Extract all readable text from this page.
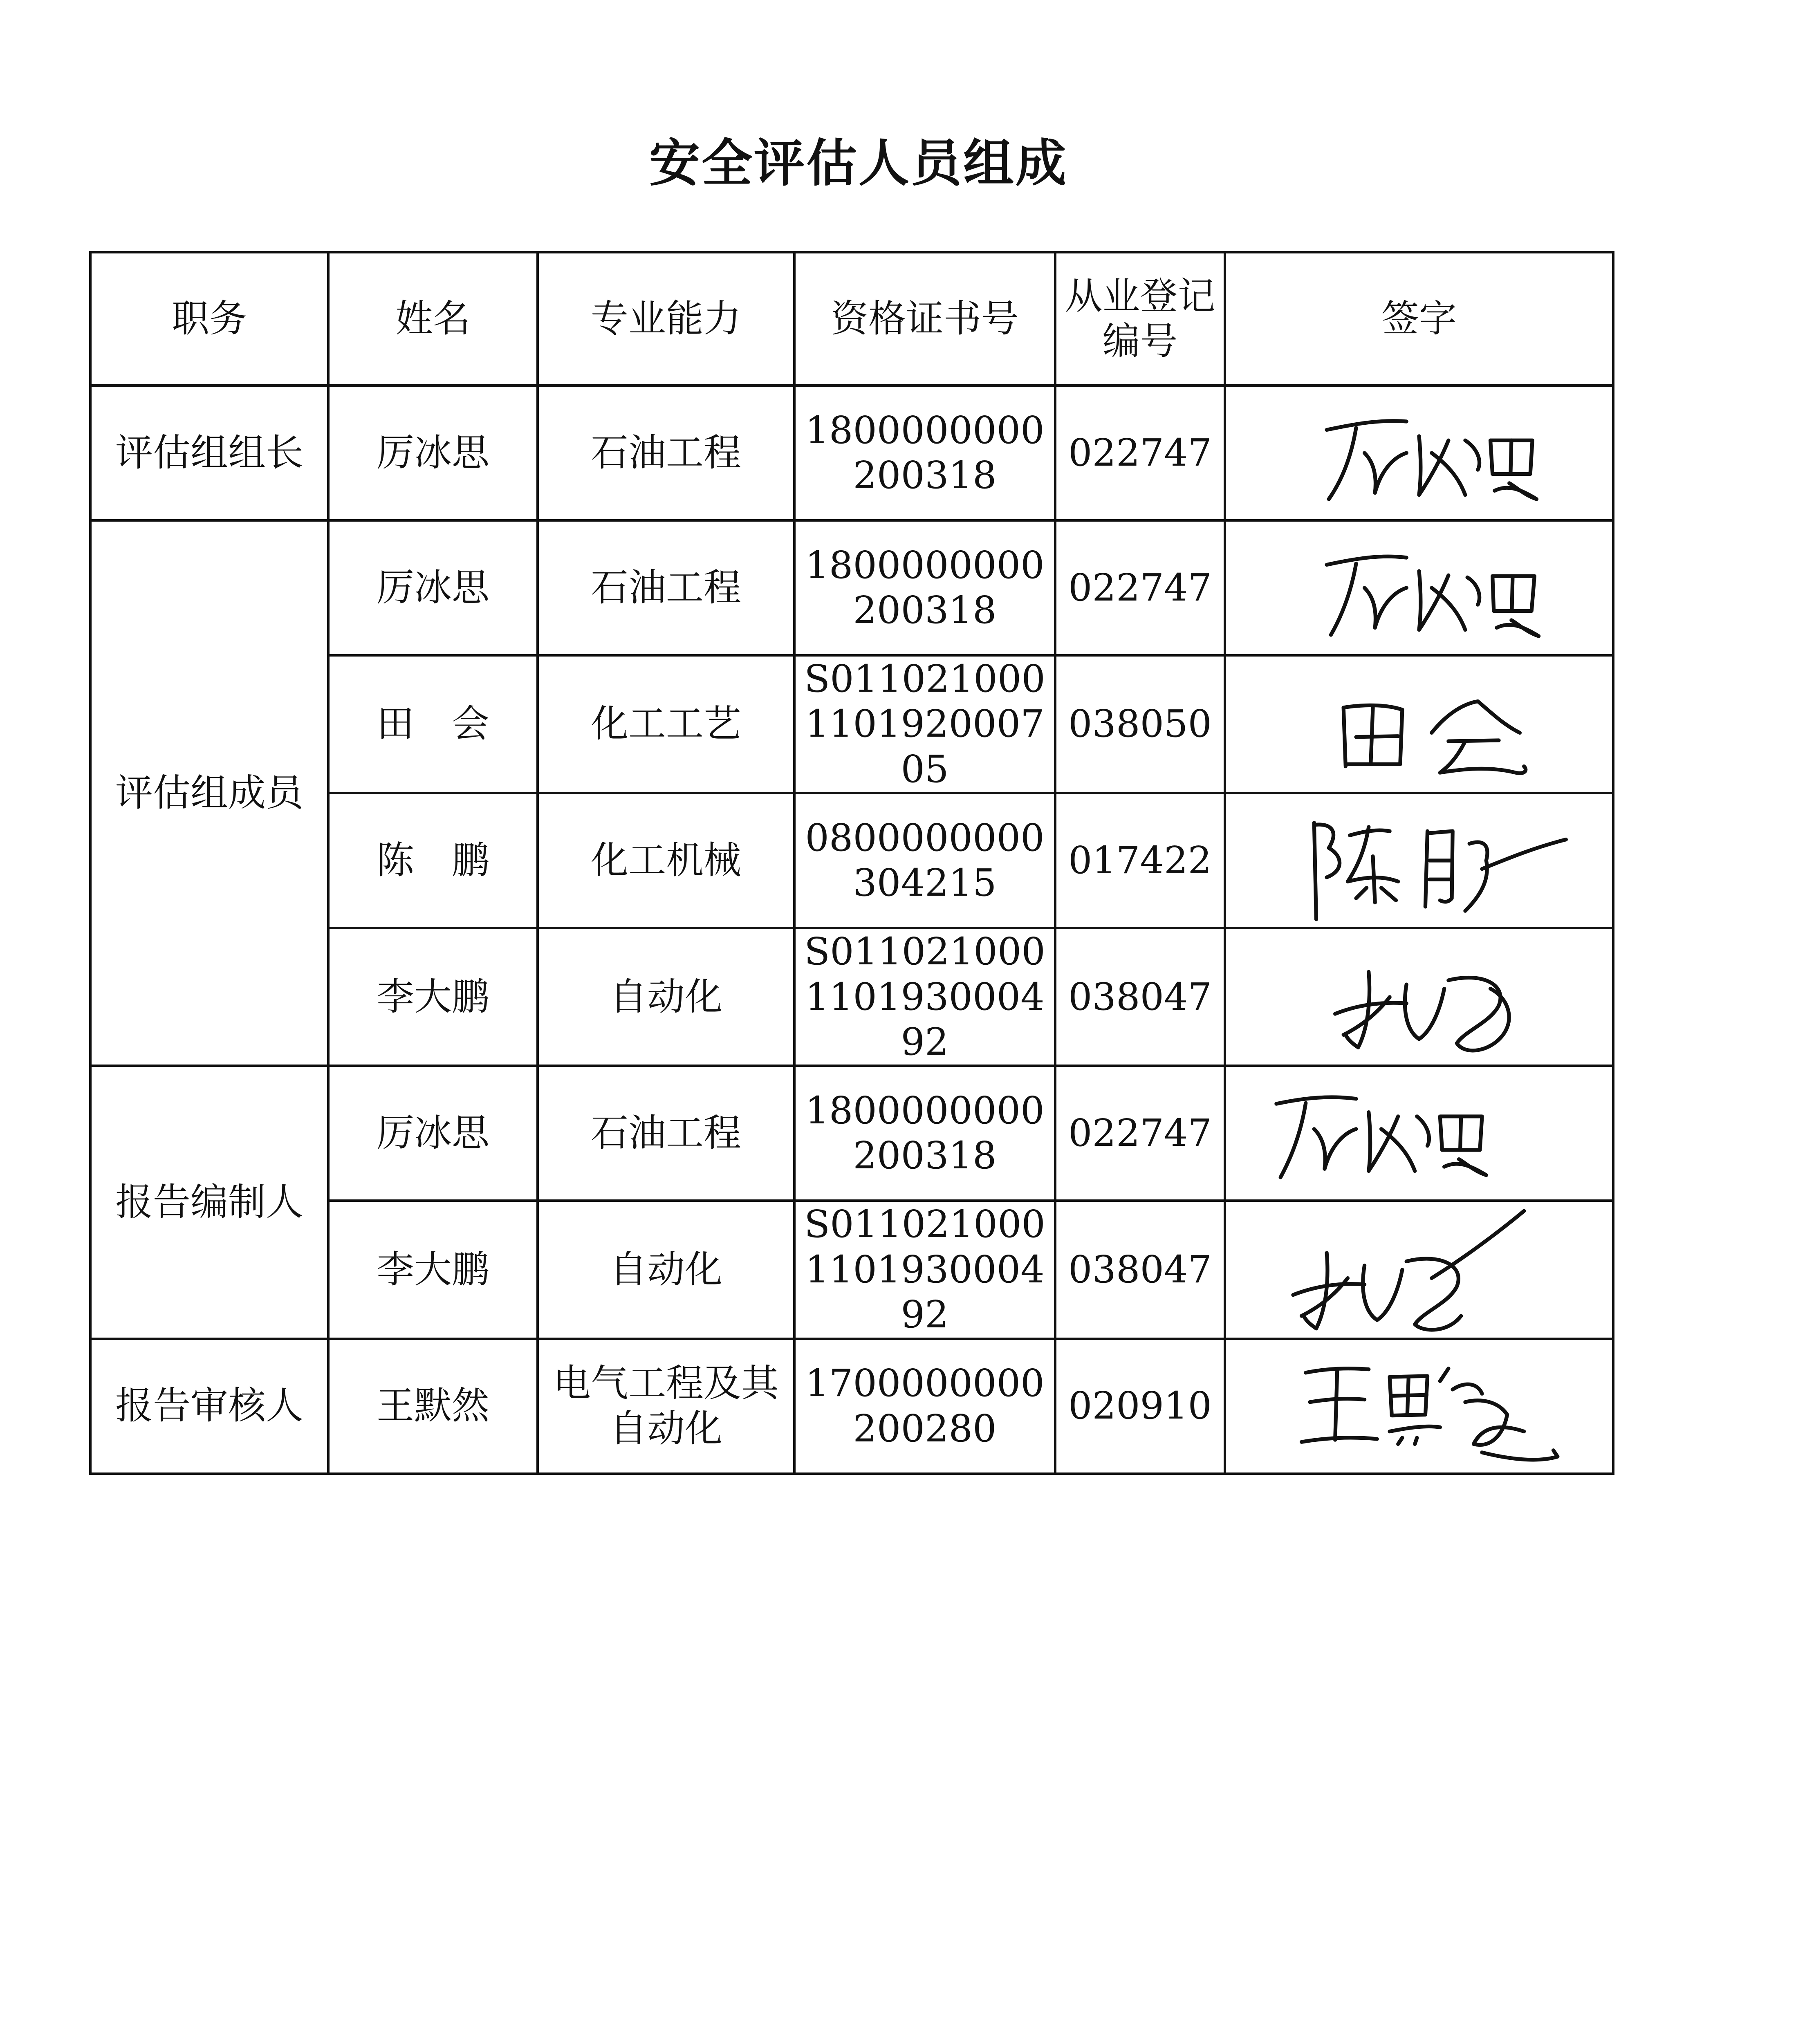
安全评估人员组成
职务	姓名	专业能力	资格证书号	从业登记编号	签字
评估组组长	厉冰思	石油工程	1800000000200318	022747	

评估组成员	厉冰思	石油工程	1800000000200318	022747	

	田　会	化工工艺	S011021000110192000705	038050	

	陈　鹏	化工机械	0800000000304215	017422	

	李大鹏	自动化	S011021000110193000492	038047	

报告编制人	厉冰思	石油工程	1800000000200318	022747	

	李大鹏	自动化	S011021000110193000492	038047	

报告审核人	王默然	电气工程及其自动化	1700000000200280	020910	
